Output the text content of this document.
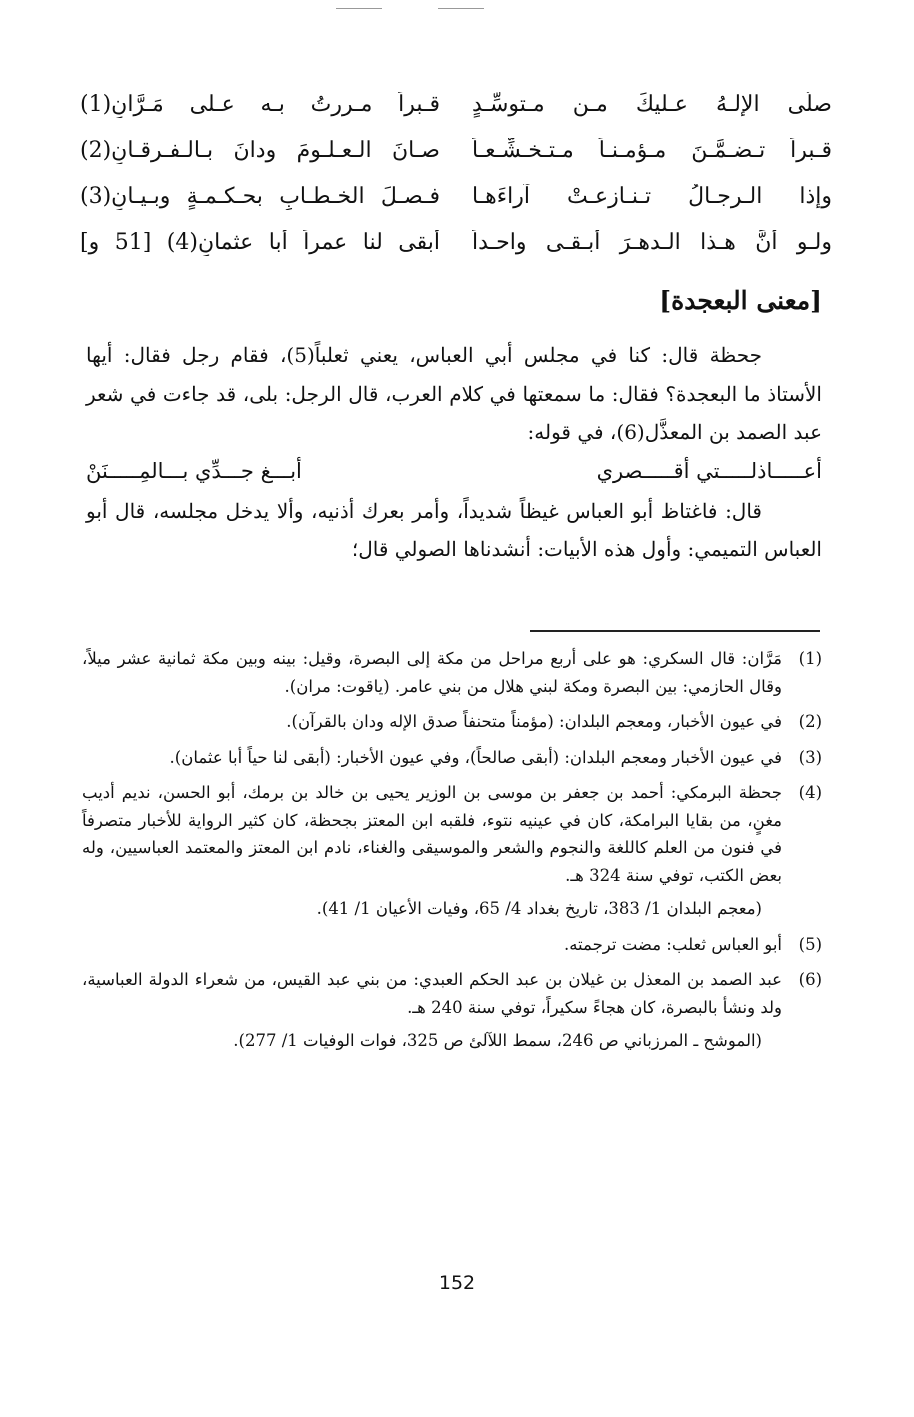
صلّى الإلـهُ عـليكَ مـن مـتوسِّـدٍ
قـبراً مـررتُ بـه عـلى مَـرَّانِ(1)
قـبراً تـضـمَّـنَ مـؤمـنـاً مـتـخـشِّـعـاً
صـانَ الـعـلـومَ ودانَ بـالـفـرقـانِ(2)
وإذا الـرجـالُ تـنـازعـتْ آراءَهـا
فـصـلَ الخـطـابِ بحـكـمـةٍ وبـيـانِ(3)
ولـو أنَّ هـذا الـدهـرَ أبـقـى واحـداً
أبقى لنا عمراً أبا عثمانِ(4) [51 و]
[معنى البعجدة]

جحظة قال: كنا في مجلس أبي العباس، يعني ثعلباً(5)، فقام رجل فقال: أيها الأستاذ ما البعجدة؟ فقال: ما سمعتها في كلام العرب، قال الرجل: بلى، قد جاءت في شعر عبد الصمد بن المعذَّل(6)، في قوله:

أعـــــاذلـــــتي أقـــــصري
أبـــغ جـــدِّي بـــالمِـــــنَنْ

قال: فاغتاظ أبو العباس غيظاً شديداً، وأمر بعرك أذنيه، وألا يدخل مجلسه، قال أبو العباس التميمي: وأول هذه الأبيات: أنشدناها الصولي قال؛

(1)

مَرَّان: قال السكري: هو على أربع مراحل من مكة إلى البصرة، وقيل: بينه وبين مكة ثمانية عشر ميلاً، وقال الحازمي: بين البصرة ومكة لبني هلال من بني عامر. (ياقوت: مران).

(2)

في عيون الأخبار، ومعجم البلدان: (مؤمناً متحنفاً صدق الإله ودان بالقرآن).

(3)

في عيون الأخبار ومعجم البلدان: (أبقى صالحاً)، وفي عيون الأخبار: (أبقى لنا حياً أبا عثمان).

(4)

جحظة البرمكي: أحمد بن جعفر بن موسى بن الوزير يحيى بن خالد بن برمك، أبو الحسن، نديم أديب مغنٍ، من بقايا البرامكة، كان في عينيه نتوء، فلقبه ابن المعتز بجحظة، كان كثير الرواية للأخبار متصرفاً في فنون من العلم كاللغة والنجوم والشعر والموسيقى والغناء، نادم ابن المعتز والمعتمد العباسيين، وله بعض الكتب، توفي سنة 324 هـ.

(معجم البلدان 1/ 383، تاريخ بغداد 4/ 65، وفيات الأعيان 1/ 41).

(5)

أبو العباس ثعلب: مضت ترجمته.

(6)

عبد الصمد بن المعذل بن غيلان بن عبد الحكم العبدي: من بني عبد القيس، من شعراء الدولة العباسية، ولد ونشأ بالبصرة، كان هجاءً سكيراً، توفي سنة 240 هـ.

(الموشح ـ المرزباني ص 246، سمط اللآلئ ص 325، فوات الوفيات 1/ 277).

152
